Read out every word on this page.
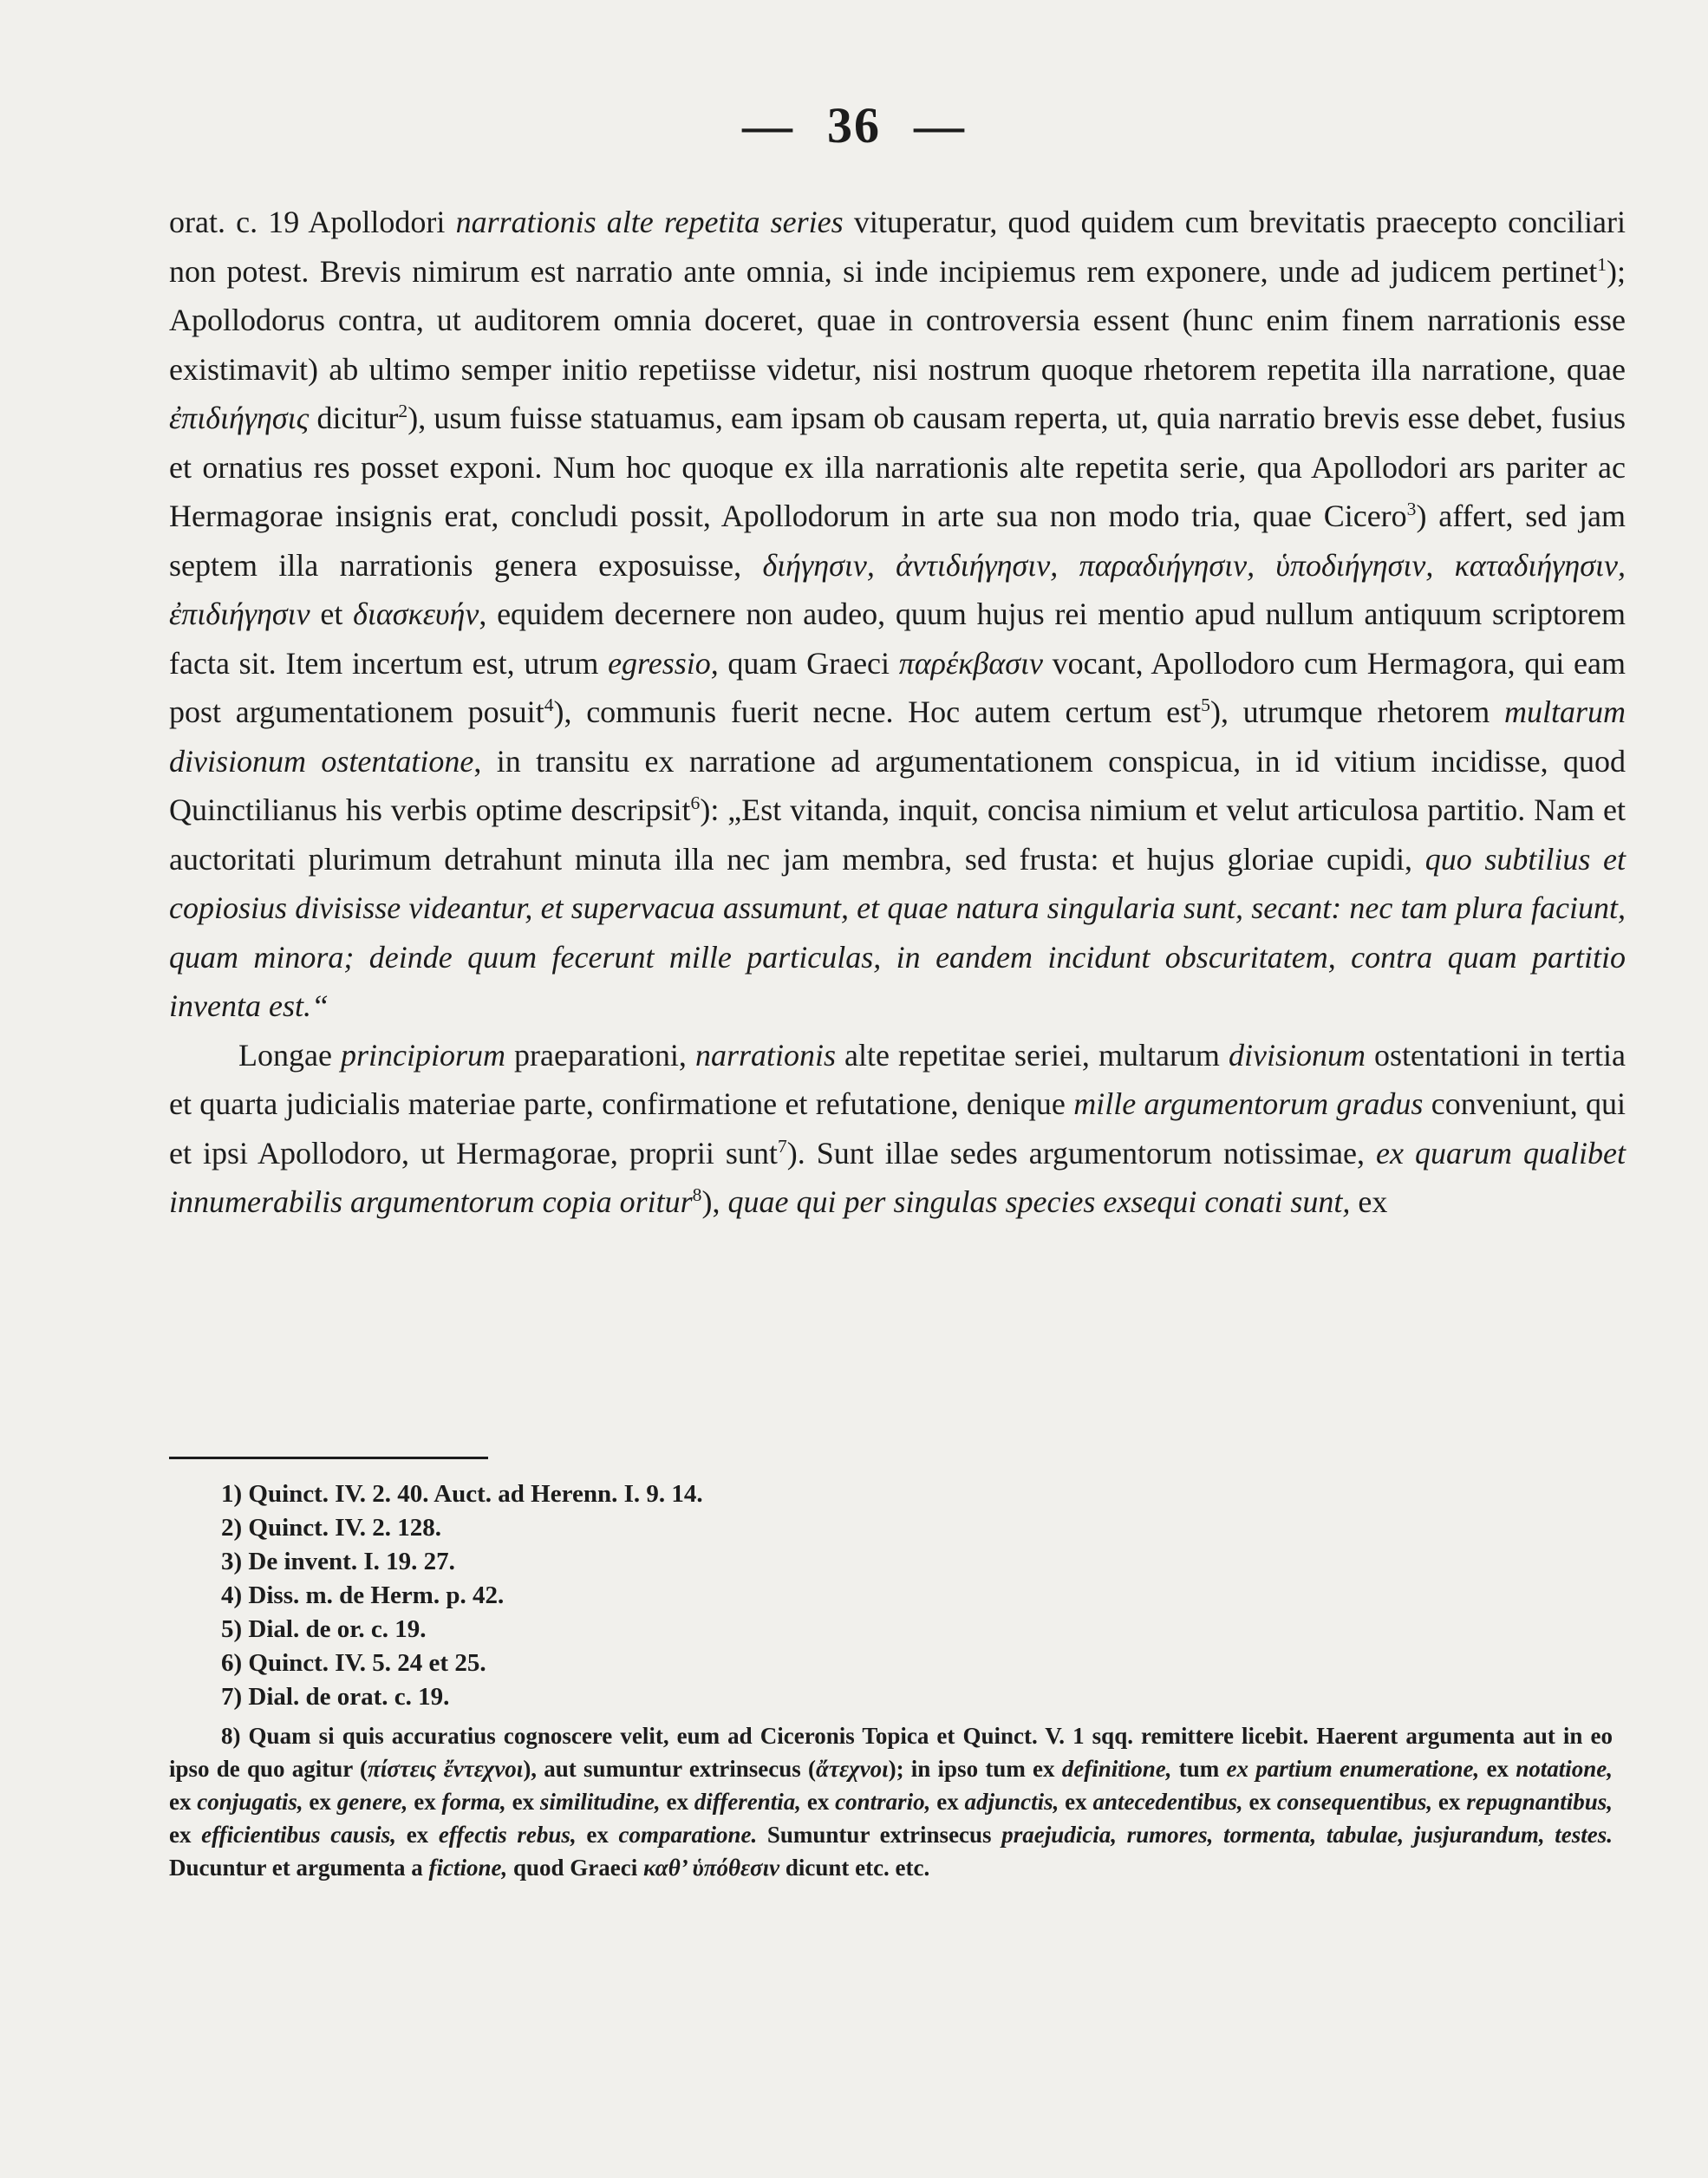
— 36 —

orat. c. 19 Apollodori narrationis alte repetita series vituperatur, quod quidem cum brevitatis praecepto conciliari non potest. Brevis nimirum est narratio ante omnia, si inde incipiemus rem exponere, unde ad judicem pertinet$^1$); Apollodorus contra, ut auditorem omnia doceret, quae in controversia essent (hunc enim finem narrationis esse existimavit) ab ultimo semper initio repetiisse videtur, nisi nostrum quoque rhetorem repetita illa narratione, quae ἐπιδιήγησις dicitur$^2$), usum fuisse statuamus, eam ipsam ob causam reperta, ut, quia narratio brevis esse debet, fusius et ornatius res posset exponi. Num hoc quoque ex illa narrationis alte repetita serie, qua Apollodori ars pariter ac Hermagorae insignis erat, concludi possit, Apollodorum in arte sua non modo tria, quae Cicero$^3$) affert, sed jam septem illa narrationis genera exposuisse, διήγησιν, ἀντιδιήγησιν, παραδιήγησιν, ὑποδιήγησιν, καταδιήγησιν, ἐπιδιήγησιν et διασκευήν, equidem decernere non audeo, quum hujus rei mentio apud nullum antiquum scriptorem facta sit. Item incertum est, utrum egressio, quam Graeci παρέκβασιν vocant, Apollodoro cum Hermagora, qui eam post argumentationem posuit$^4$), communis fuerit necne. Hoc autem certum est$^5$), utrumque rhetorem multarum divisionum ostentatione, in transitu ex narratione ad argumentationem conspicua, in id vitium incidisse, quod Quinctilianus his verbis optime descripsit$^6$): „Est vitanda, inquit, concisa nimium et velut articulosa partitio. Nam et auctoritati plurimum detrahunt minuta illa nec jam membra, sed frusta: et hujus gloriae cupidi, quo subtilius et copiosius divisisse videantur, et supervacua assumunt, et quae natura singularia sunt, secant: nec tam plura faciunt, quam minora; deinde quum fecerunt mille particulas, in eandem incidunt obscuritatem, contra quam partitio inventa est.“

Longae principiorum praeparationi, narrationis alte repetitae seriei, multarum divisionum ostentationi in tertia et quarta judicialis materiae parte, confirmatione et refutatione, denique mille argumentorum gradus conveniunt, qui et ipsi Apollodoro, ut Hermagorae, proprii sunt$^7$). Sunt illae sedes argumentorum notissimae, ex quarum qualibet innumerabilis argumentorum copia oritur$^8$), quae qui per singulas species exsequi conati sunt, ex

1) Quinct. IV. 2. 40. Auct. ad Herenn. I. 9. 14.
2) Quinct. IV. 2. 128.
3) De invent. I. 19. 27.
4) Diss. m. de Herm. p. 42.
5) Dial. de or. c. 19.
6) Quinct. IV. 5. 24 et 25.
7) Dial. de orat. c. 19.
8) Quam si quis accuratius cognoscere velit, eum ad Ciceronis Topica et Quinct. V. 1 sqq. remittere licebit. Haerent argumenta aut in eo ipso de quo agitur (πίστεις ἔντεχνοι), aut sumuntur extrinsecus (ἄτεχνοι); in ipso tum ex definitione, tum ex partium enumeratione, ex notatione, ex conjugatis, ex genere, ex forma, ex similitudine, ex differentia, ex contrario, ex adjunctis, ex antecedentibus, ex consequentibus, ex repugnantibus, ex efficientibus causis, ex effectis rebus, ex comparatione. Sumuntur extrinsecus praejudicia, rumores, tormenta, tabulae, jusjurandum, testes. Ducuntur et argumenta a fictione, quod Graeci καθ’ ὑπόθεσιν dicunt etc. etc.
